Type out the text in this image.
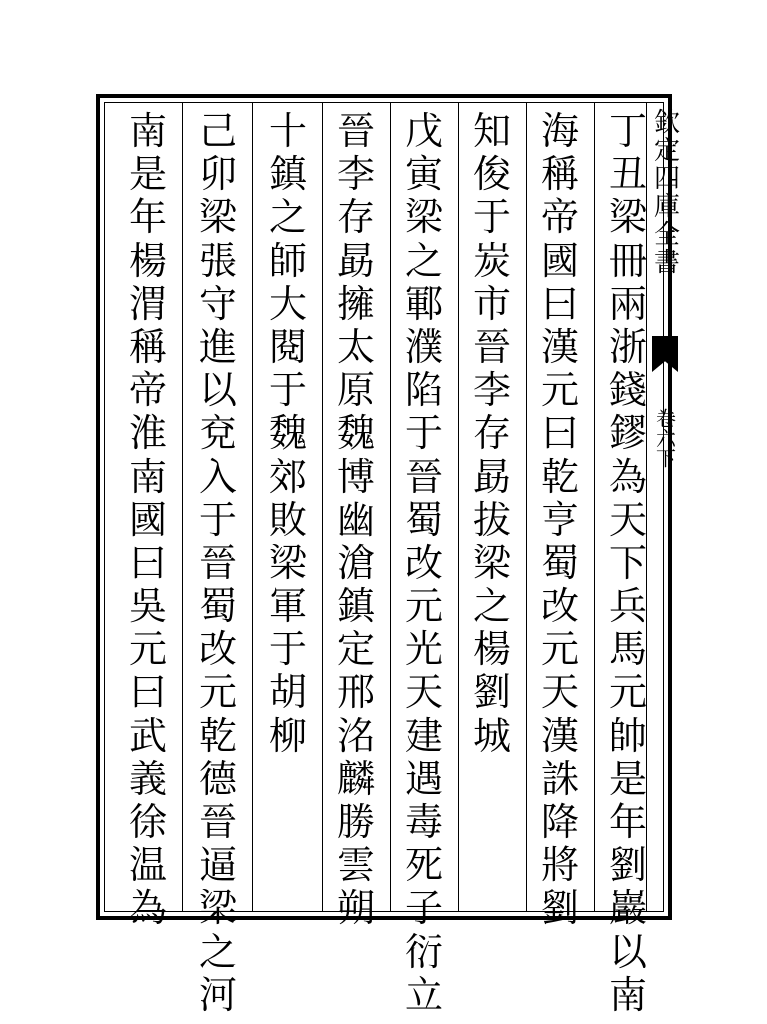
欽定四庫全書
卷六下
丁
丑
梁
冊
兩
浙
錢
鏐
為
天
下
兵
馬
元
帥
是
年
劉
巖
以
南
海
稱
帝
國
曰
漢
元
曰
乾
亨
蜀
改
元
天
漢
誅
降
將
劉
知
俊
于
炭
市
晉
李
存
勗
拔
梁
之
楊
劉
城
戊
寅
梁
之
鄆
濮
陷
于
晉
蜀
改
元
光
天
建
遇
毒
死
子
衍
立
晉
李
存
勗
擁
太
原
魏
博
幽
滄
鎮
定
邢
洺
麟
勝
雲
朔
十
鎮
之
師
大
閱
于
魏
郊
敗
梁
軍
于
胡
柳
己
卯
梁
張
守
進
以
兗
入
于
晉
蜀
改
元
乾
德
晉
逼
梁
之
河
南
是
年
楊
渭
稱
帝
淮
南
國
曰
吳
元
曰
武
義
徐
温
為
